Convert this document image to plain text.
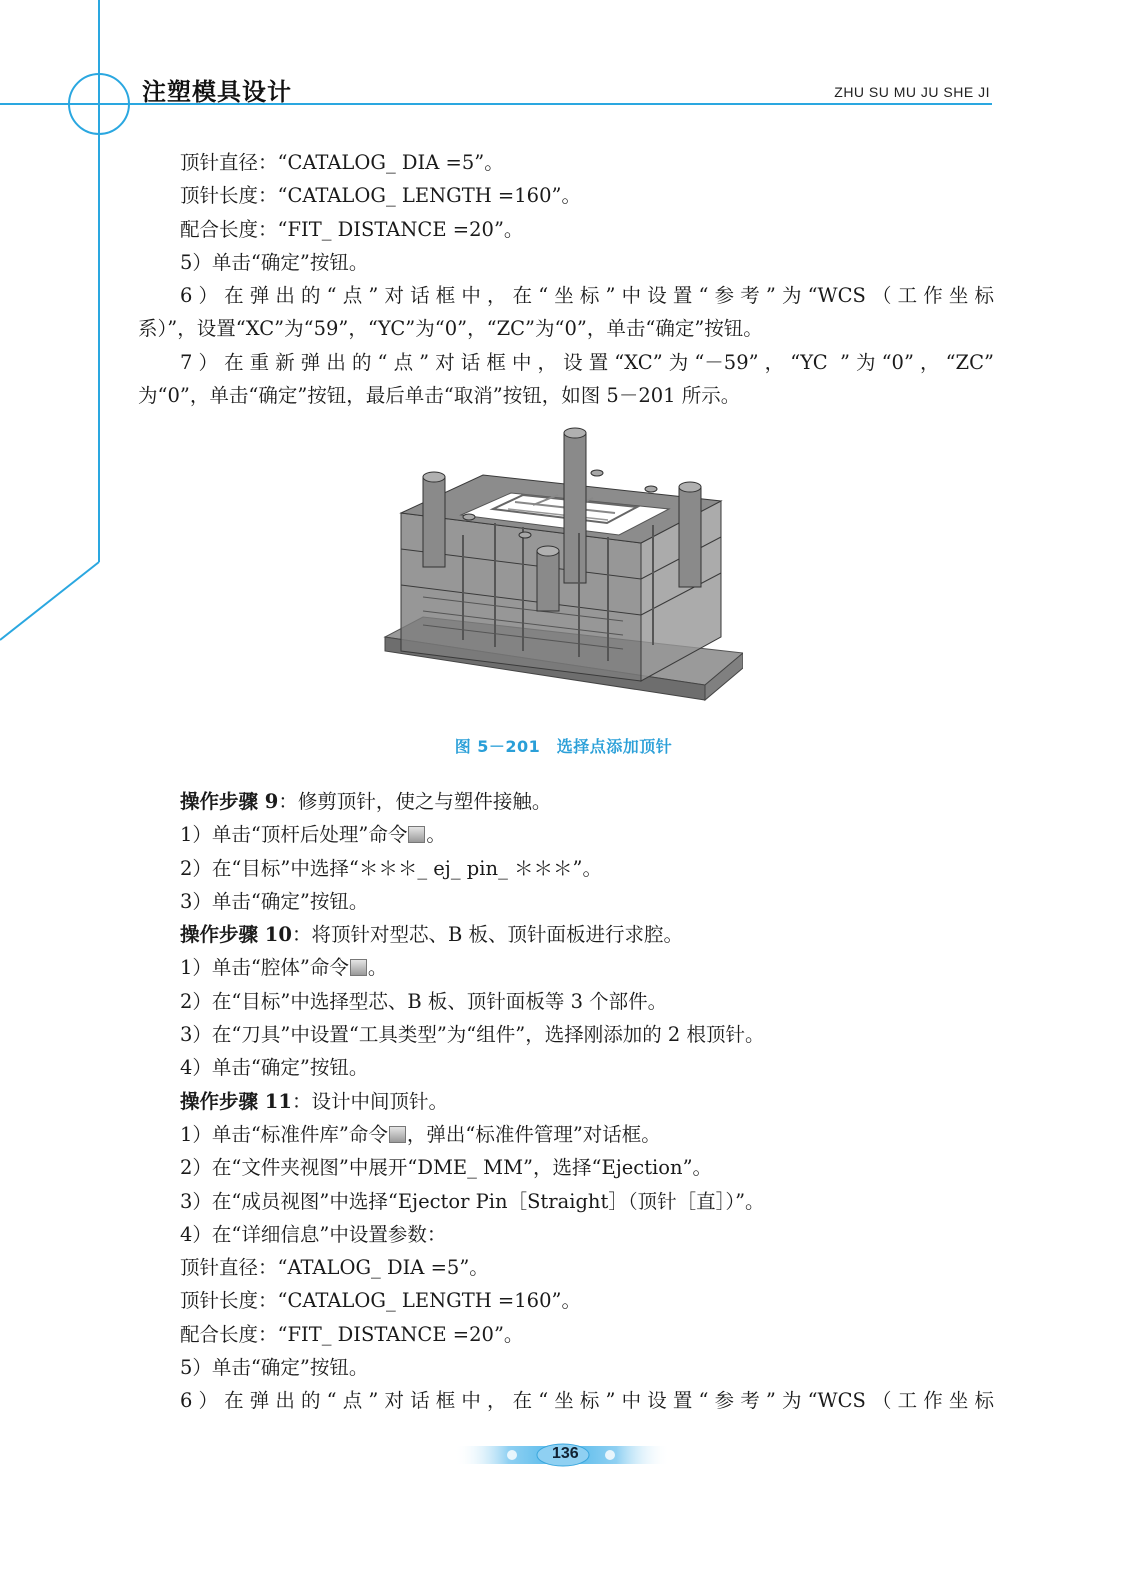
注塑模具设计	ZHU SU MU JU SHE JI
顶针直径：“CATALOG_ DIA =5”。
顶针长度：“CATALOG_ LENGTH =160”。
配合长度：“FIT_ DISTANCE =20”。
5）单击“确定”按钮。
6）在弹出的“点”对话框中，在“坐标”中设置“参考”为“WCS（工作坐标
系）”，设置“XC”为“59”，“YC”为“0”，“ZC”为“0”，单击“确定”按钮。
7）在重新弹出的“点”对话框中，设置“XC”为“－59”，“YC ”为“0”，“ZC”
为“0”，单击“确定”按钮，最后单击“取消”按钮，如图 5－201 所示。
图 5－201　选择点添加顶针
操作步骤 9：修剪顶针，使之与塑件接触。
1）单击“顶杆后处理”命令 。
2）在“目标”中选择“＊＊＊_ ej_ pin_ ＊＊＊”。
3）单击“确定”按钮。
操作步骤 10：将顶针对型芯、B 板、顶针面板进行求腔。
1）单击“腔体”命令 。
2）在“目标”中选择型芯、B 板、顶针面板等 3 个部件。
3）在“刀具”中设置“工具类型”为“组件”，选择刚添加的 2 根顶针。
4）单击“确定”按钮。
操作步骤 11：设计中间顶针。
1）单击“标准件库”命令 ，弹出“标准件管理”对话框。
2）在“文件夹视图”中展开“DME_ MM”，选择“Ejection”。
3）在“成员视图”中选择“Ejector Pin［Straight］（顶针［直］）”。
4）在“详细信息”中设置参数：
顶针直径：“ATALOG_ DIA =5”。
顶针长度：“CATALOG_ LENGTH =160”。
配合长度：“FIT_ DISTANCE =20”。
5）单击“确定”按钮。
6）在弹出的“点”对话框中，在“坐标”中设置“参考”为“WCS（工作坐标
136
